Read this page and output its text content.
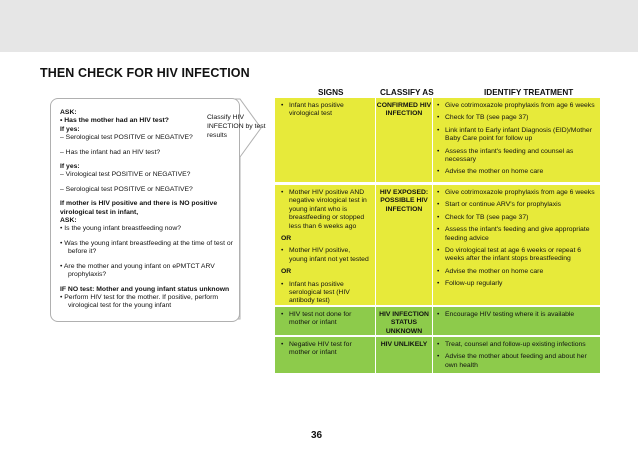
THEN CHECK FOR HIV INFECTION
SIGNS	CLASSIFY AS	IDENTIFY TREATMENT
ASK:
• Has the mother had an HIV test?
If yes:
– Serological test POSITIVE or NEGATIVE?
– Has the infant had an HIV test?
If yes:
– Virological test POSITIVE or NEGATIVE?
– Serological test POSITIVE or NEGATIVE?
If mother is HIV positive and there is NO positive virological test in infant,
ASK:
• Is the young infant breastfeeding now?
• Was the young infant breastfeeding at the time of test or before it?
• Are the mother and young infant on ePMTCT ARV prophylaxis?
IF NO test: Mother and young infant status unknown
• Perform HIV test for the mother. If positive, perform virological test for the young infant
Classify HIV INFECTION by test results
• Infant has positive virological test
CONFIRMED HIV INFECTION
• Give cotrimoxazole prophylaxis from age 6 weeks
• Check for TB (see page 37)
• Link infant to Early infant Diagnosis (EID)/Mother Baby Care point for follow up
• Assess the infant's feeding and counsel as necessary
• Advise the mother on home care
• Mother HIV positive AND negative virological test in young infant who is breastfeeding or stopped less than 6 weeks ago
OR
• Mother HIV positive, young infant not yet tested
OR
• Infant has positive serological test (HIV antibody test)
HIV EXPOSED: POSSIBLE HIV INFECTION
• Give cotrimoxazole prophylaxis from age 6 weeks
• Start or continue ARV's for prophylaxis
• Check for TB (see page 37)
• Assess the infant's feeding and give appropriate feeding advice
• Do virological test at age 6 weeks or repeat 6 weeks after the infant stops breastfeeding
• Advise the mother on home care
• Follow-up regularly
• HIV test not done for mother or infant
HIV INFECTION STATUS UNKNOWN
• Encourage HIV testing where it is available
• Negative HIV test for mother or infant
HIV UNLIKELY
•	Treat, counsel and follow-up existing infections
• Advise the mother about feeding and about her own health
36
